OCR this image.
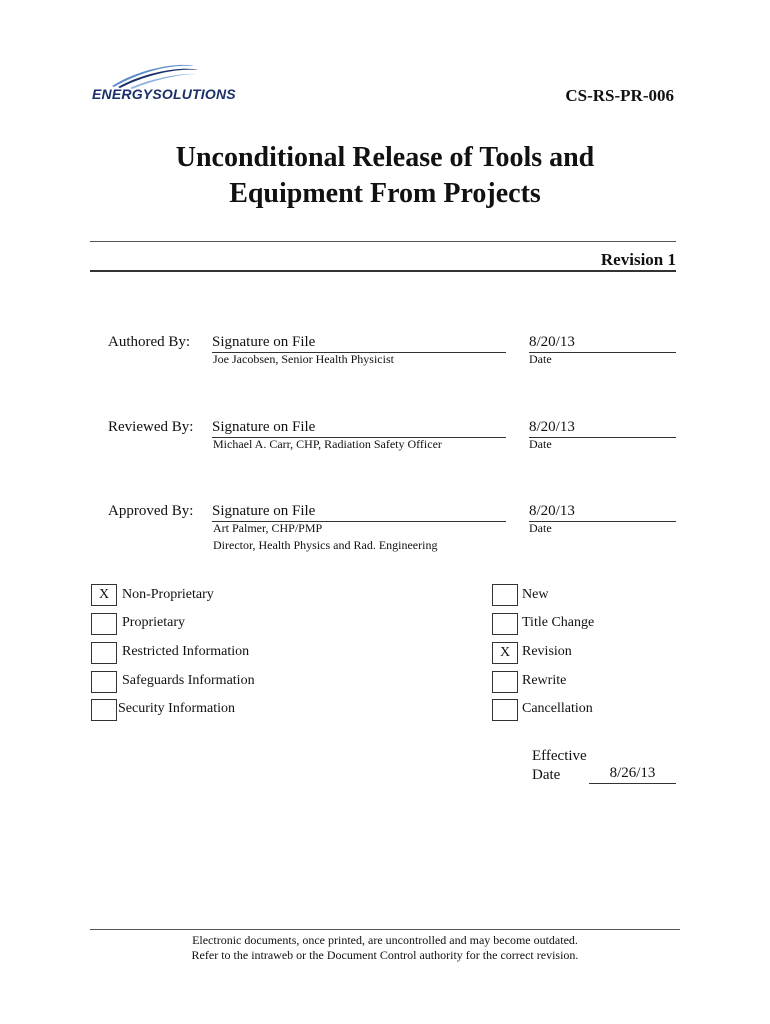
ENERGYSOLUTIONS	CS-RS-PR-006
Unconditional Release of Tools and
Equipment From Projects
Revision 1
Authored By: Signature on File	8/20/13
Joe Jacobsen, Senior Health Physicist	Date
Reviewed By: Signature on File	8/20/13
Michael A. Carr, CHP, Radiation Safety Officer	Date
Approved By: Signature on File	8/20/13
Art Palmer, CHP/PMP
Director, Health Physics and Rad. Engineering
Date
X Non-Proprietary
Proprietary
Restricted Information
Safeguards Information
Security Information
New
Title Change
X Revision
Rewrite
Cancellation
Effective
Date	8/26/13
Electronic documents, once printed, are uncontrolled and may become outdated.
Refer to the intraweb or the Document Control authority for the correct revision.
